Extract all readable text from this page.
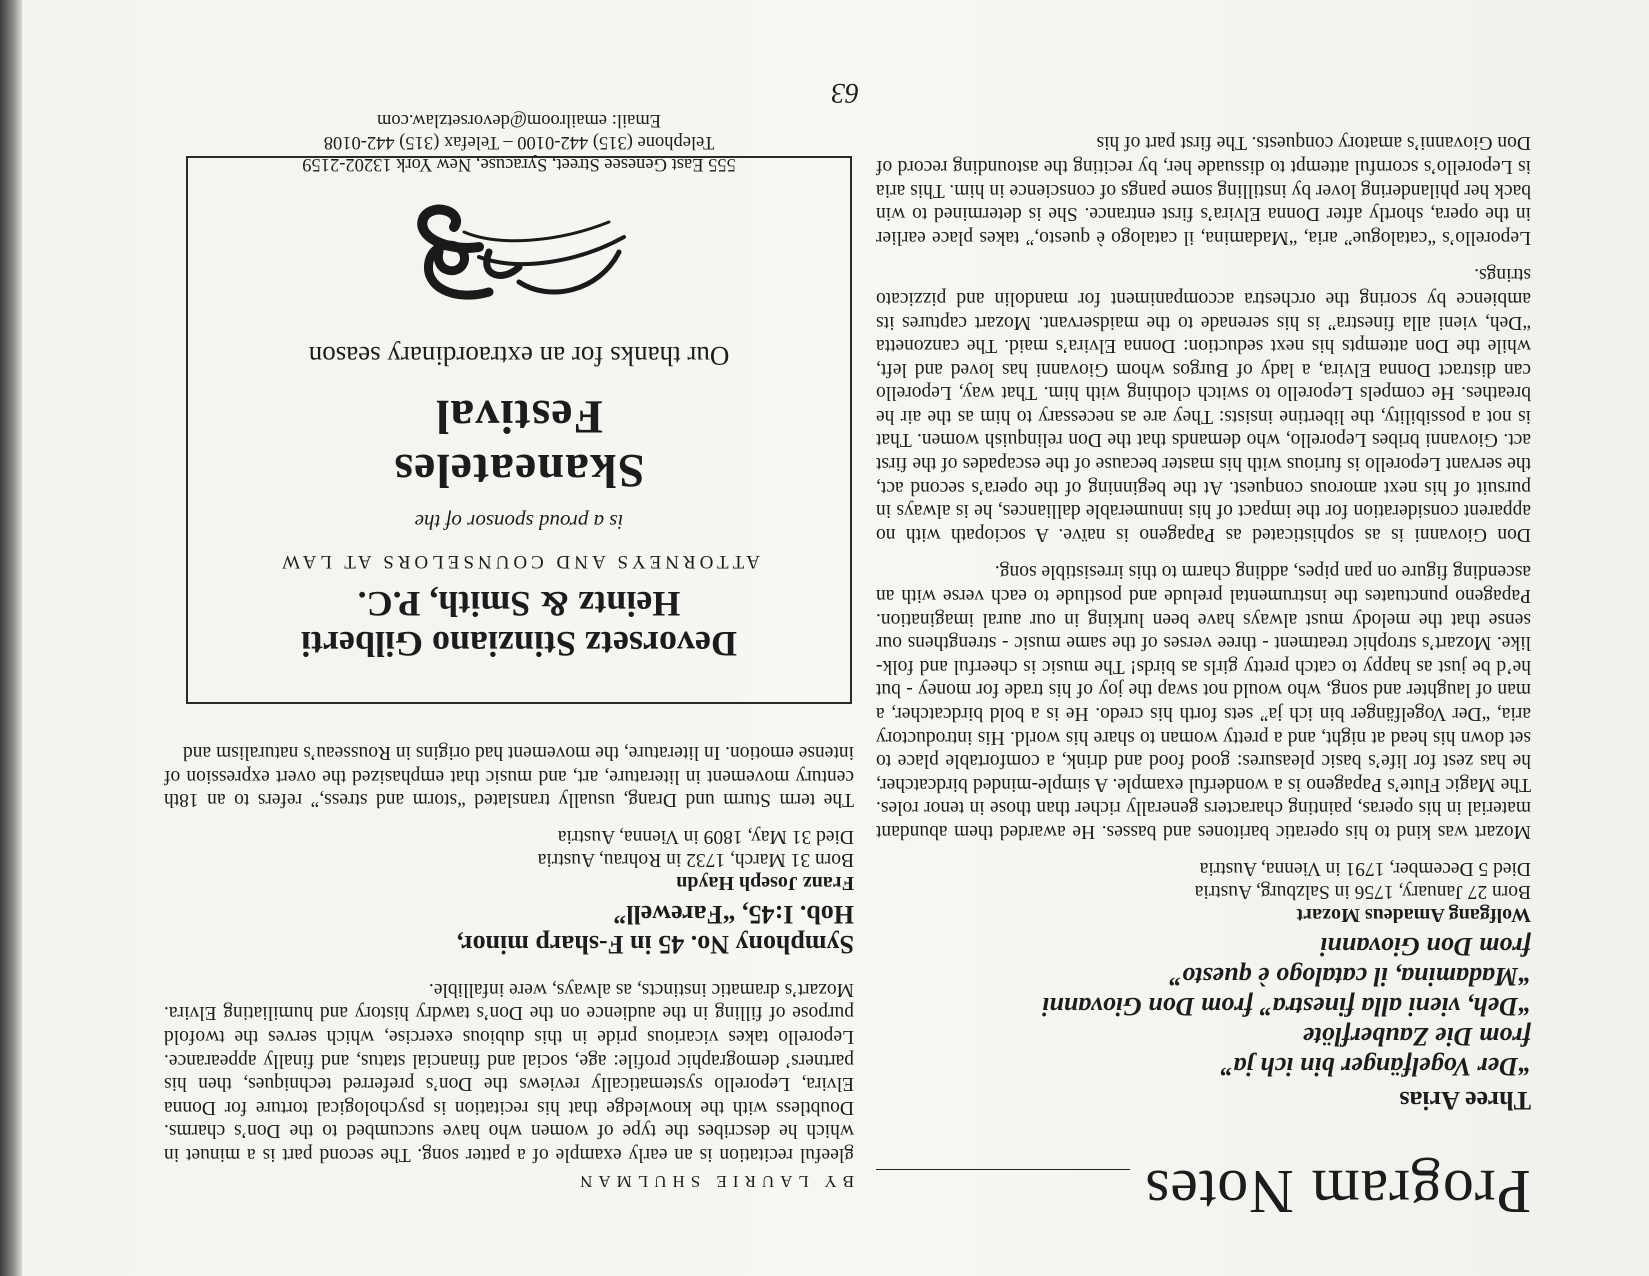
Program Notes
Three Arias
“Der Vogelfänger bin ich ja”
from Die Zauberflöte
“Deh, vieni alla finestra” from Don Giovanni
“Madamina, il catalogo è questo”
from Don Giovanni
Wolfgang Amadeus Mozart
Born 27 January, 1756 in Salzburg, Austria
Died 5 December, 1791 in Vienna, Austria

Mozart was kind to his operatic baritones and basses. He awarded them abundant material in his operas, painting characters generally richer than those in tenor roles. The Magic Flute’s Papageno is a wonderful example. A simple-minded birdcatcher, he has zest for life’s basic pleasures: good food and drink, a comfortable place to set down his head at night, and a pretty woman to share his world. His introductory aria, “Der Vogelfänger bin ich ja” sets forth his credo. He is a bold birdcatcher, a man of laughter and song, who would not swap the joy of his trade for money - but he’d be just as happy to catch pretty girls as birds! The music is cheerful and folk-like. Mozart’s strophic treatment - three verses of the same music - strengthens our sense that the melody must always have been lurking in our aural imagination. Papageno punctuates the instrumental prelude and postlude to each verse with an ascending figure on pan pipes, adding charm to this irresistible song.

Don Giovanni is as sophisticated as Papageno is naïve. A sociopath with no apparent consideration for the impact of his innumerable dalliances, he is always in pursuit of his next amorous conquest. At the beginning of the opera’s second act, the servant Leporello is furious with his master because of the escapades of the first act. Giovanni bribes Leporello, who demands that the Don relinquish women. That is not a possibility, the libertine insists: They are as necessary to him as the air he breathes. He compels Leporello to switch clothing with him. That way, Leporello can distract Donna Elvira, a lady of Burgos whom Giovanni has loved and left, while the Don attempts his next seduction: Donna Elvira’s maid. The canzonetta “Deh, vieni alla finestra” is his serenade to the maidservant. Mozart captures its ambience by scoring the orchestra accompaniment for mandolin and pizzicato strings.

Leporello’s “catalogue” aria, “Madamina, il catalogo è questo,” takes place earlier in the opera, shortly after Donna Elvira’s first entrance. She is determined to win back her philandering lover by instilling some pangs of conscience in him. This aria is Leporello’s scornful attempt to dissuade her, by reciting the astounding record of Don Giovanni’s amatory conquests. The first part of his

BY LAURIE SHULMAN

gleeful recitation is an early example of a patter song. The second part is a minuet in which he describes the type of women who have succumbed to the Don’s charms. Doubtless with the knowledge that his recitation is psychological torture for Donna Elvira, Leporello systematically reviews the Don’s preferred techniques, then his partners’ demographic profile: age, social and financial status, and finally appearance. Leporello takes vicarious pride in this dubious exercise, which serves the twofold purpose of filling in the audience on the Don’s tawdry history and humiliating Elvira. Mozart’s dramatic instincts, as always, were infallible.

Symphony No. 45 in F-sharp minor,
Hob. I:45, “Farewell”
Franz Joseph Haydn
Born 31 March, 1732 in Rohrau, Austria
Died 31 May, 1809 in Vienna, Austria

The term Sturm und Drang, usually translated “storm and stress,” refers to an 18th century movement in literature, art, and music that emphasized the overt expression of intense emotion. In literature, the movement had origins in Rousseau’s naturalism and

Devorsetz Stinziano Gilberti
Heintz & Smith, P.C.
ATTORNEYS AND COUNSELORS AT LAW
is a proud sponsor of the
Skaneateles
Festival
Our thanks for an extraordinary season
555 East Genesee Street, Syracuse, New York 13202-2159
Telephone (315) 442-0100 – Telefax (315) 442-0108
Email: emailroom@devorsetzlaw.com
63
